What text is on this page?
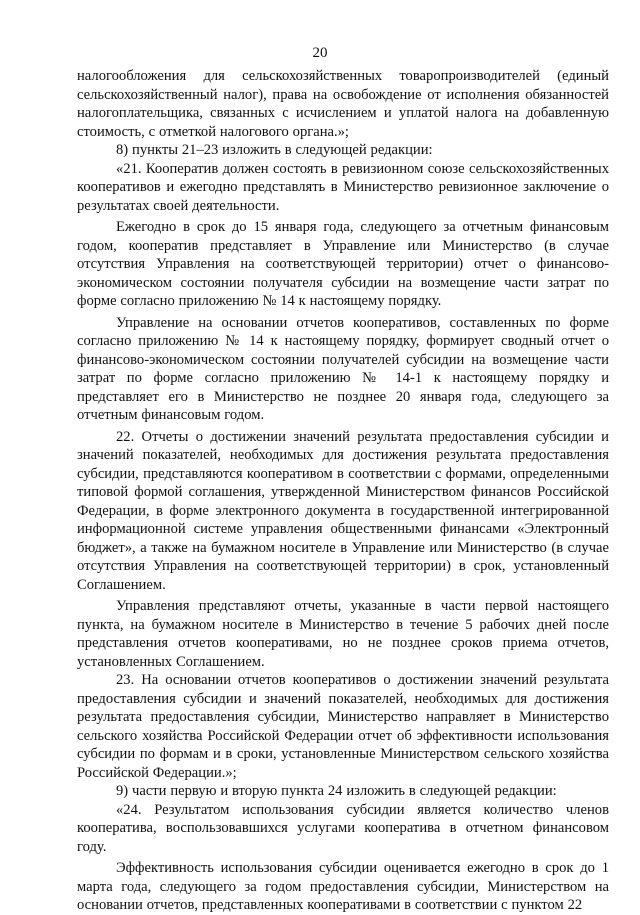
20

налогообложения для сельскохозяйственных товаропроизводителей (единый сельскохозяйственный налог), права на освобождение от исполнения обязанностей налогоплательщика, связанных с исчислением и уплатой налога на добавленную стоимость, с отметкой налогового органа.»;

8) пункты 21–23 изложить в следующей редакции:

«21. Кооператив должен состоять в ревизионном союзе сельскохозяйственных кооперативов и ежегодно представлять в Министерство ревизионное заключение о результатах своей деятельности.

Ежегодно в срок до 15 января года, следующего за отчетным финансовым годом, кооператив представляет в Управление или Министерство (в случае отсутствия Управления на соответствующей территории) отчет о финансово-экономическом состоянии получателя субсидии на возмещение части затрат по форме согласно приложению № 14 к настоящему порядку.

Управление на основании отчетов кооперативов, составленных по форме согласно приложению № 14 к настоящему порядку, формирует сводный отчет о финансово-экономическом состоянии получателей субсидии на возмещение части затрат по форме согласно приложению № 14-1 к настоящему порядку и представляет его в Министерство не позднее 20 января года, следующего за отчетным финансовым годом.

22. Отчеты о достижении значений результата предоставления субсидии и значений показателей, необходимых для достижения результата предоставления субсидии, представляются кооперативом в соответствии с формами, определенными типовой формой соглашения, утвержденной Министерством финансов Российской Федерации, в форме электронного документа в государственной интегрированной информационной системе управления общественными финансами «Электронный бюджет», а также на бумажном носителе в Управление или Министерство (в случае отсутствия Управления на соответствующей территории) в срок, установленный Соглашением.

Управления представляют отчеты, указанные в части первой настоящего пункта, на бумажном носителе в Министерство в течение 5 рабочих дней после представления отчетов кооперативами, но не позднее сроков приема отчетов, установленных Соглашением.

23. На основании отчетов кооперативов о достижении значений результата предоставления субсидии и значений показателей, необходимых для достижения результата предоставления субсидии, Министерство направляет в Министерство сельского хозяйства Российской Федерации отчет об эффективности использования субсидии по формам и в сроки, установленные Министерством сельского хозяйства Российской Федерации.»;

9) части первую и вторую пункта 24 изложить в следующей редакции:

«24. Результатом использования субсидии является количество членов кооператива, воспользовавшихся услугами кооператива в отчетном финансовом году.

Эффективность использования субсидии оценивается ежегодно в срок до 1 марта года, следующего за годом предоставления субсидии, Министерством на основании отчетов, представленных кооперативами в соответствии с пунктом 22
